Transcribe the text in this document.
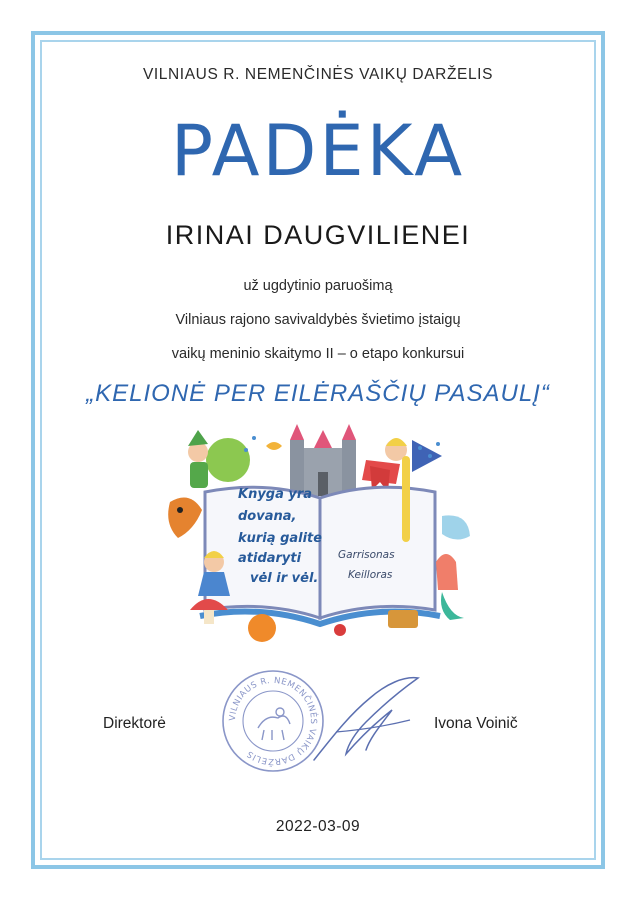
VILNIAUS R. NEMENČINĖS VAIKŲ DARŽELIS
PADĖKA
IRINAI DAUGVILIENEI
už ugdytinio paruošimą
Vilniaus rajono savivaldybės švietimo įstaigų
vaikų meninio skaitymo II – o etapo konkursui
„KELIONĖ PER EILĖRAŠČIŲ PASAULĮ“
Knyga yra
dovana,
kurią galite
atidaryti
vėl ir vėl.
Garrisonas
Keilloras
Direktorė	VILNIAUS R. NEMENČINĖS VAIKŲ DARŽELIS
Ivona Voinič
2022-03-09
